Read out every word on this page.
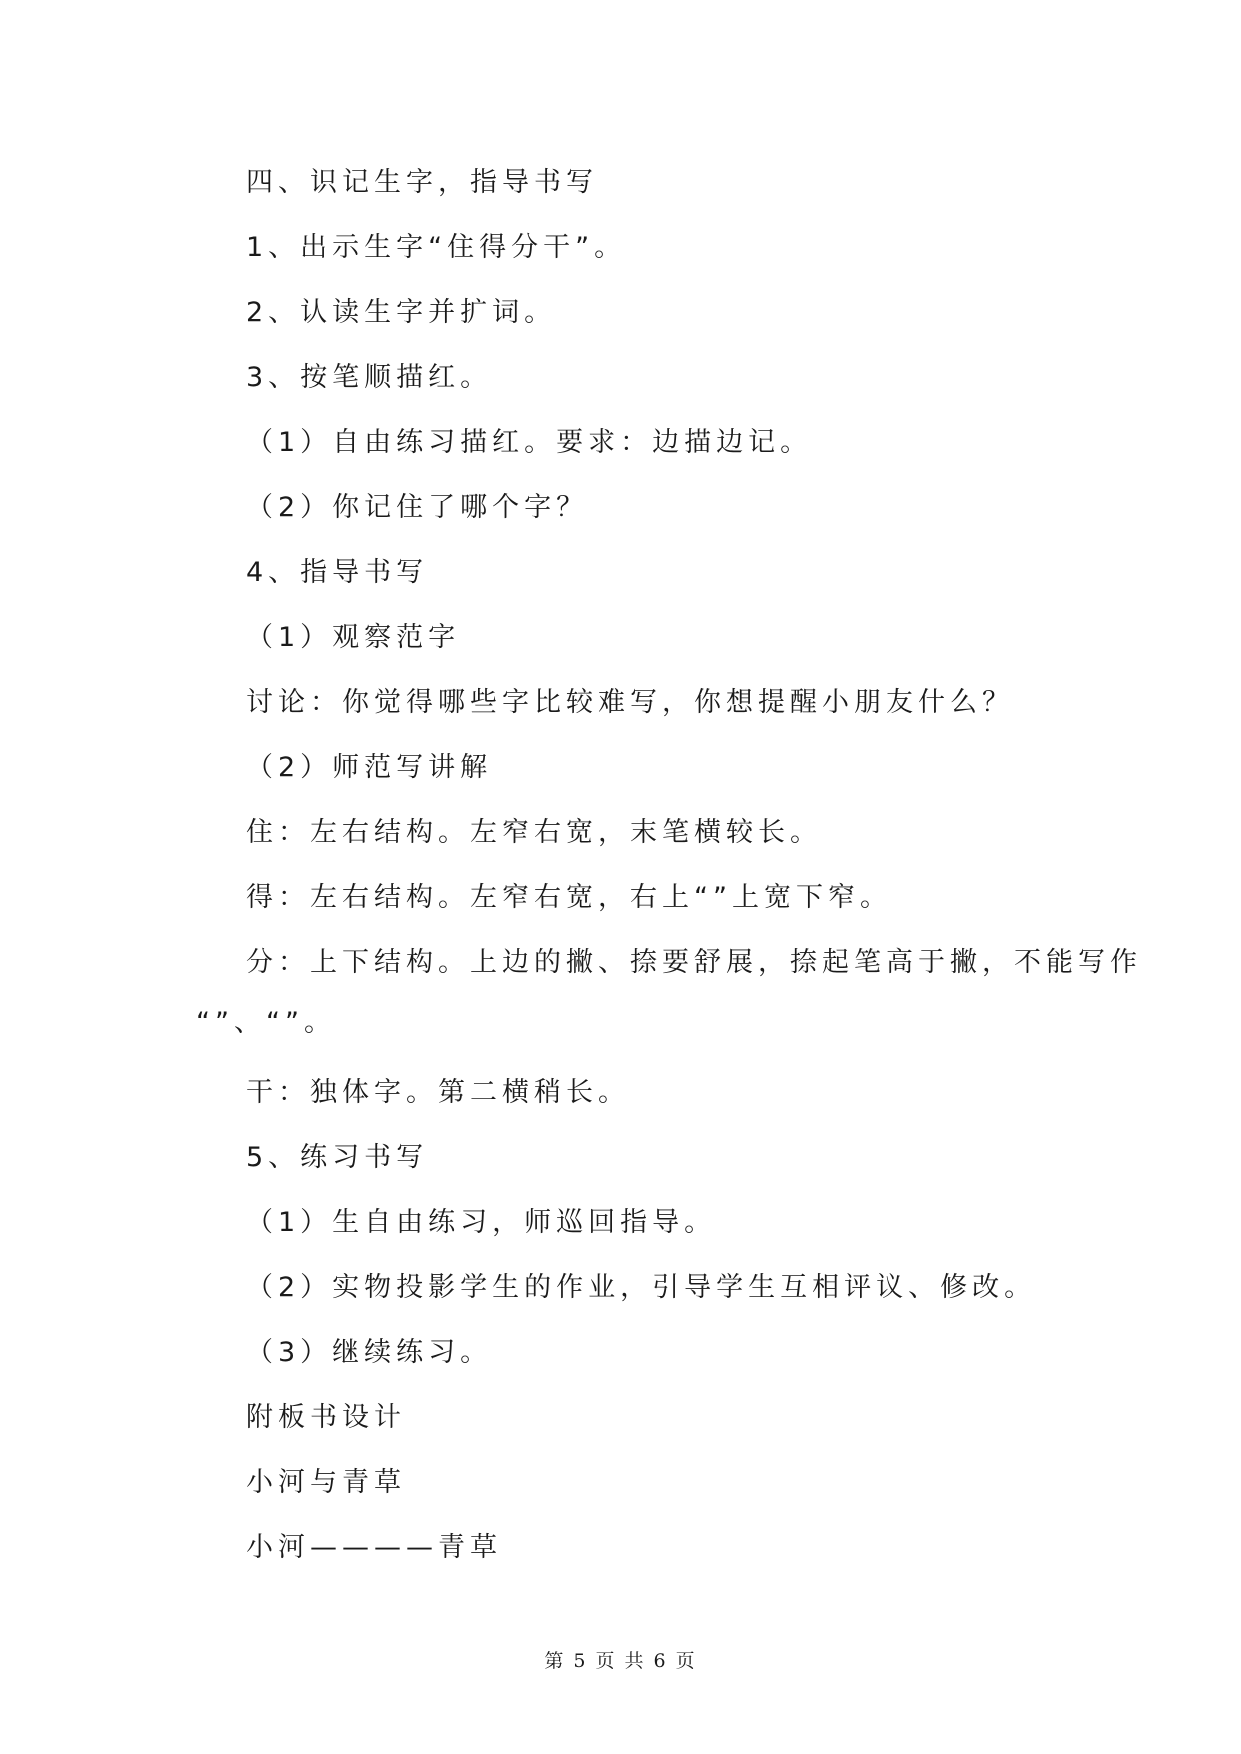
四、识记生字，指导书写
1、出示生字“住得分干”。
2、认读生字并扩词。
3、按笔顺描红。
（1）自由练习描红。要求：边描边记。
（2）你记住了哪个字？
4、指导书写
（1）观察范字
讨论：你觉得哪些字比较难写，你想提醒小朋友什么？
（2）师范写讲解
住：左右结构。左窄右宽，末笔横较长。
得：左右结构。左窄右宽，右上“”上宽下窄。
分：上下结构。上边的撇、捺要舒展，捺起笔高于撇，不能写作
“”、“”。
干：独体字。第二横稍长。
5、练习书写
（1）生自由练习，师巡回指导。
（2）实物投影学生的作业，引导学生互相评议、修改。
（3）继续练习。
附板书设计
小河与青草
小河————青草
第 5 页 共 6 页
